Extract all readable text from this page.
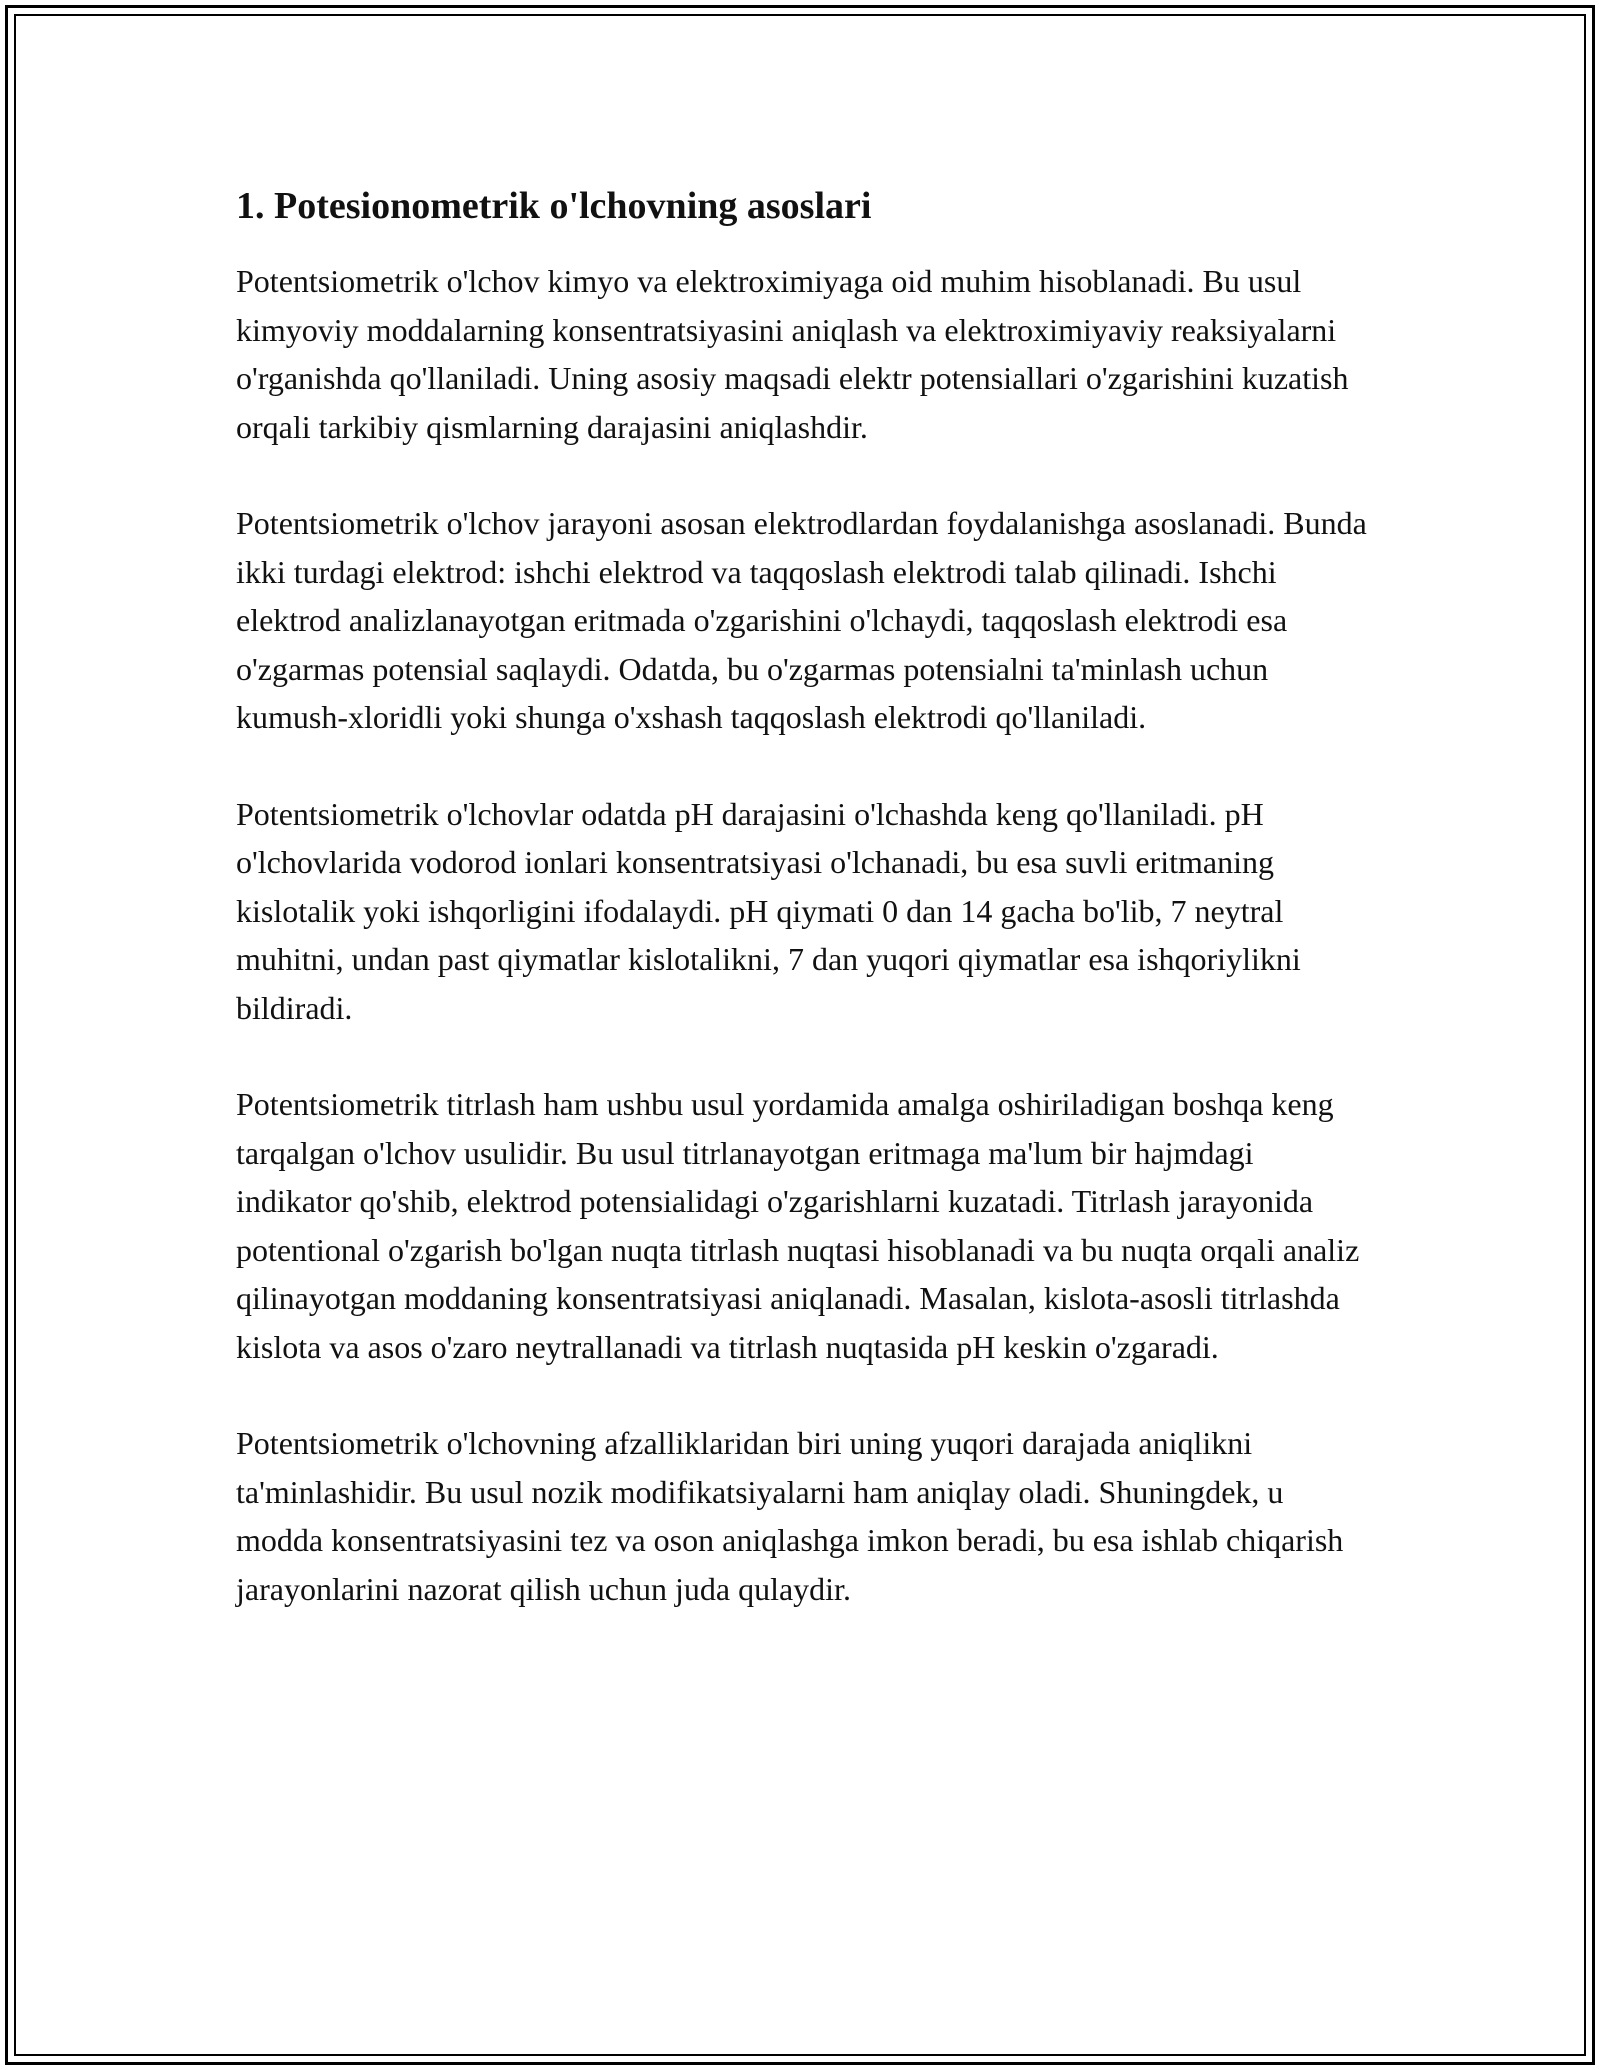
1. Potesionometrik o'lchovning asoslari

Potentsiometrik o'lchov kimyo va elektroximiyaga oid muhim hisoblanadi. Bu usul kimyoviy moddalarning konsentratsiyasini aniqlash va elektroximiyaviy reaksiyalarni o'rganishda qo'llaniladi. Uning asosiy maqsadi elektr potensiallari o'zgarishini kuzatish orqali tarkibiy qismlarning darajasini aniqlashdir.

Potentsiometrik o'lchov jarayoni asosan elektrodlardan foydalanishga asoslanadi. Bunda ikki turdagi elektrod: ishchi elektrod va taqqoslash elektrodi talab qilinadi. Ishchi elektrod analizlanayotgan eritmada o'zgarishini o'lchaydi, taqqoslash elektrodi esa o'zgarmas potensial saqlaydi. Odatda, bu o'zgarmas potensialni ta'minlash uchun kumush-xloridli yoki shunga o'xshash taqqoslash elektrodi qo'llaniladi.

Potentsiometrik o'lchovlar odatda pH darajasini o'lchashda keng qo'llaniladi. pH o'lchovlarida vodorod ionlari konsentratsiyasi o'lchanadi, bu esa suvli eritmaning kislotalik yoki ishqorligini ifodalaydi. pH qiymati 0 dan 14 gacha bo'lib, 7 neytral muhitni, undan past qiymatlar kislotalikni, 7 dan yuqori qiymatlar esa ishqoriylikni bildiradi.

Potentsiometrik titrlash ham ushbu usul yordamida amalga oshiriladigan boshqa keng tarqalgan o'lchov usulidir. Bu usul titrlanayotgan eritmaga ma'lum bir hajmdagi indikator qo'shib, elektrod potensialidagi o'zgarishlarni kuzatadi. Titrlash jarayonida potentional o'zgarish bo'lgan nuqta titrlash nuqtasi hisoblanadi va bu nuqta orqali analiz qilinayotgan moddaning konsentratsiyasi aniqlanadi. Masalan, kislota-asosli titrlashda kislota va asos o'zaro neytrallanadi va titrlash nuqtasida pH keskin o'zgaradi.

Potentsiometrik o'lchovning afzalliklaridan biri uning yuqori darajada aniqlikni ta'minlashidir. Bu usul nozik modifikatsiyalarni ham aniqlay oladi. Shuningdek, u modda konsentratsiyasini tez va oson aniqlashga imkon beradi, bu esa ishlab chiqarish jarayonlarini nazorat qilish uchun juda qulaydir.
